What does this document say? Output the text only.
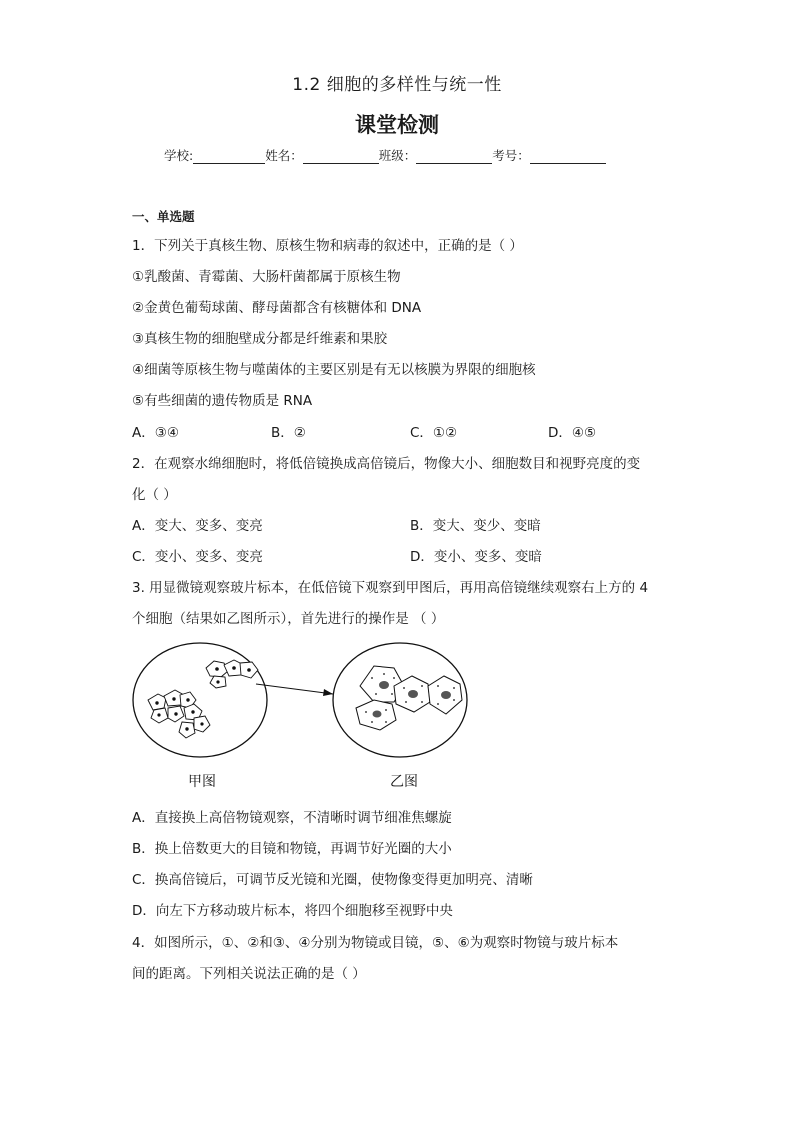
1.2 细胞的多样性与统一性
课堂检测
学校:	姓名：	班级：	考号：
一、单选题
1．下列关于真核生物、原核生物和病毒的叙述中，正确的是（ ）
①乳酸菌、青霉菌、大肠杆菌都属于原核生物
②金黄色葡萄球菌、酵母菌都含有核糖体和 DNA
③真核生物的细胞壁成分都是纤维素和果胶
④细菌等原核生物与噬菌体的主要区别是有无以核膜为界限的细胞核
⑤有些细菌的遗传物质是 RNA
A．③④	B．②	C．①②	D．④⑤
2．在观察水绵细胞时，将低倍镜换成高倍镜后，物像大小、细胞数目和视野亮度的变
化（ ）
A．变大、变多、变亮	B．变大、变少、变暗
C．变小、变多、变亮	D．变小、变多、变暗
3. 用显微镜观察玻片标本，在低倍镜下观察到甲图后，再用高倍镜继续观察右上方的 4
个细胞（结果如乙图所示），首先进行的操作是 （ ）
甲图	乙图
A．直接换上高倍物镜观察，不清晰时调节细准焦螺旋
B．换上倍数更大的目镜和物镜，再调节好光圈的大小
C．换高倍镜后，可调节反光镜和光圈，使物像变得更加明亮、清晰
D．向左下方移动玻片标本，将四个细胞移至视野中央
4．如图所示，①、②和③、④分别为物镜或目镜，⑤、⑥为观察时物镜与玻片标本
间的距离。下列相关说法正确的是（ ）
